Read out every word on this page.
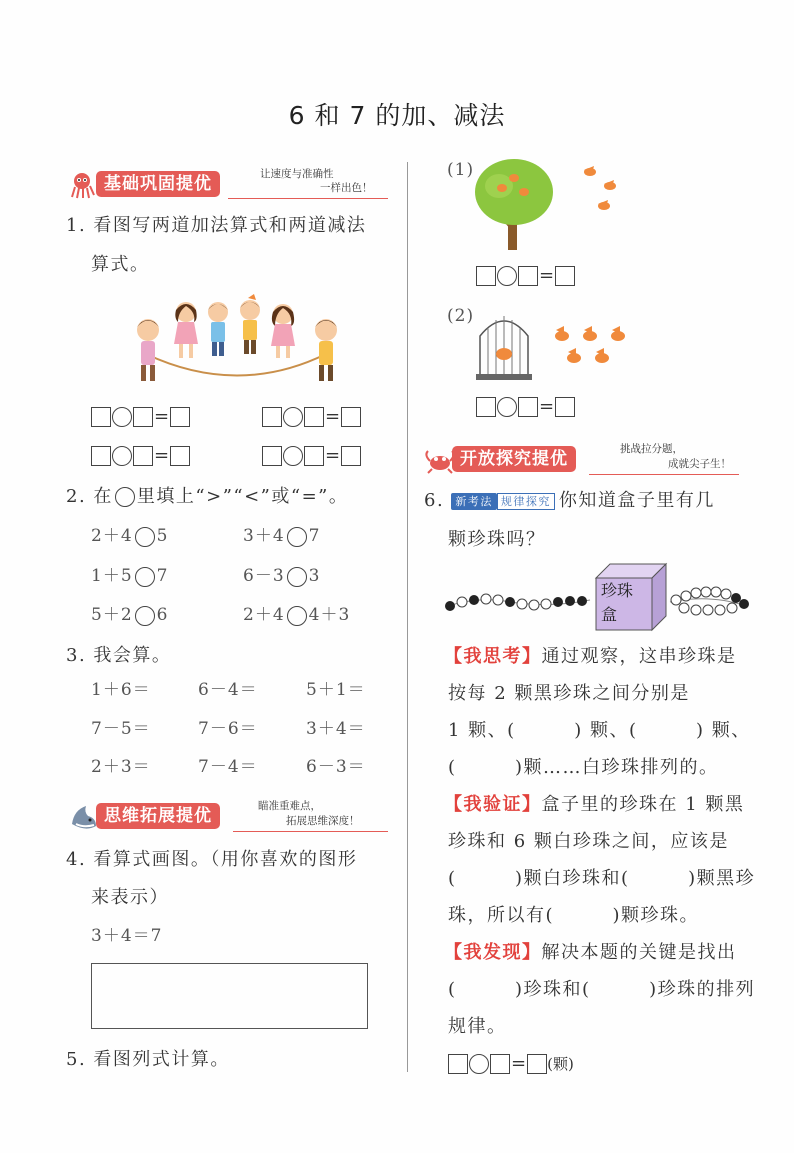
6 和 7 的加、减法
基础巩固提优	让速度与准确性
一样出色！
1. 看图写两道加法算式和两道减法
算式。
=	=
=	=
2. 在 里填上“>”“<”或“=”。
2＋4 5	3＋4 7
1＋5 7	6－3 3
5＋2 6	2＋4 4＋3
3. 我会算。
1＋6＝	6－4＝	5＋1＝
7－5＝	7－6＝	3＋4＝
2＋3＝	7－4＝	6－3＝
思维拓展提优	瞄准重难点，
拓展思维深度！
4. 看算式画图。（用你喜欢的图形
来表示）
3＋4＝7
5. 看图列式计算。
(1)
=
(2)
=
开放探究提优	挑战拉分题，
成就尖子生！
6. 新考法 规律探究 你知道盒子里有几
颗珍珠吗？
珍珠
盒
【我思考】通过观察，这串珍珠是
按每 2 颗黑珍珠之间分别是
1 颗、(　　　) 颗、(　　　) 颗、
(　　　)颗……白珍珠排列的。
【我验证】盒子里的珍珠在 1 颗黑
珍珠和 6 颗白珍珠之间，应该是
(　　　)颗白珍珠和(　　　)颗黑珍
珠，所以有(　　　)颗珍珠。
【我发现】解决本题的关键是找出
(　　　)珍珠和(　　　)珍珠的排列
规律。
= (颗)
